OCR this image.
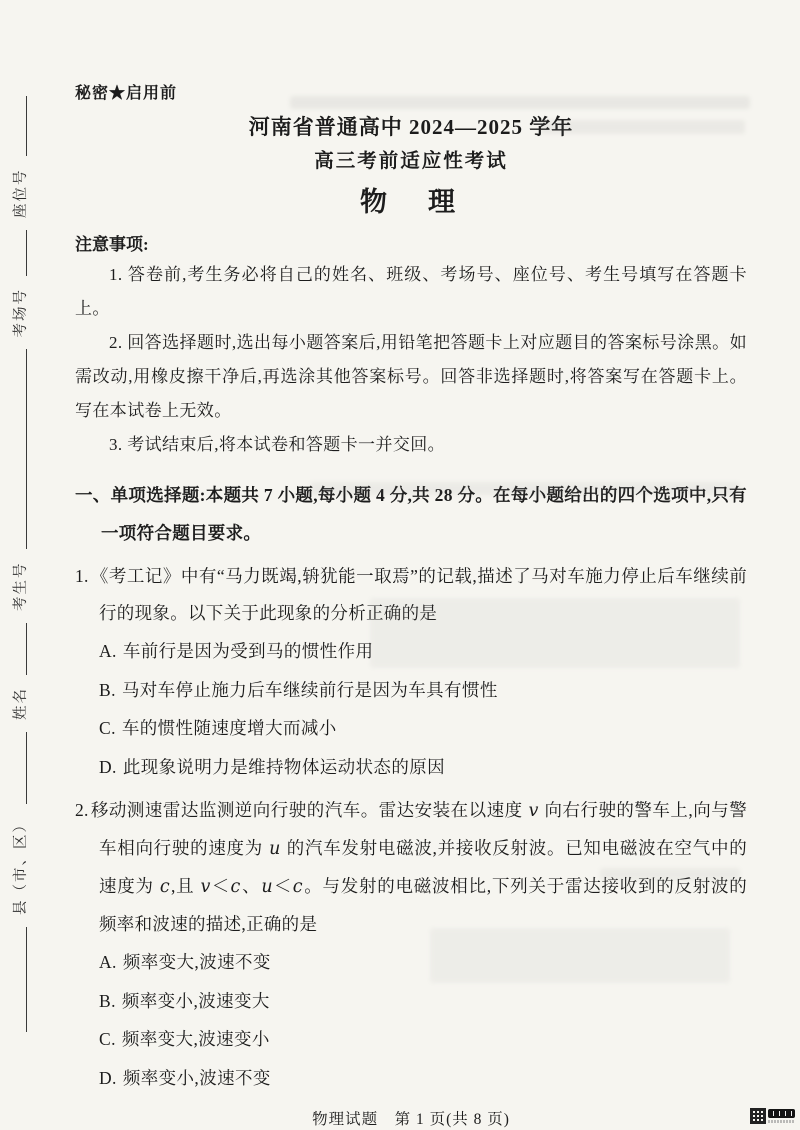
县（市、区）
姓名
考生号
考场号
座位号
秘密★启用前
河南省普通高中 2024—2025 学年
高三考前适应性考试
物　理
注意事项:

1. 答卷前,考生务必将自己的姓名、班级、考场号、座位号、考生号填写在答题卡上。

2. 回答选择题时,选出每小题答案后,用铅笔把答题卡上对应题目的答案标号涂黑。如需改动,用橡皮擦干净后,再选涂其他答案标号。回答非选择题时,将答案写在答题卡上。写在本试卷上无效。

3. 考试结束后,将本试卷和答题卡一并交回。

一、单项选择题:本题共 7 小题,每小题 4 分,共 28 分。在每小题给出的四个选项中,只有一项符合题目要求。

1. 《考工记》中有“马力既竭,辀犹能一取焉”的记载,描述了马对车施力停止后车继续前行的现象。以下关于此现象的分析正确的是

A. 车前行是因为受到马的惯性作用

B. 马对车停止施力后车继续前行是因为车具有惯性

C. 车的惯性随速度增大而减小

D. 此现象说明力是维持物体运动状态的原因

2. 移动测速雷达监测逆向行驶的汽车。雷达安装在以速度 v 向右行驶的警车上,向与警车相向行驶的速度为 u 的汽车发射电磁波,并接收反射波。已知电磁波在空气中的速度为 c,且 v＜c、u＜c。与发射的电磁波相比,下列关于雷达接收到的反射波的频率和波速的描述,正确的是

A. 频率变大,波速不变

B. 频率变小,波速变大

C. 频率变大,波速变小

D. 频率变小,波速不变

物理试题　第 1 页(共 8 页)
